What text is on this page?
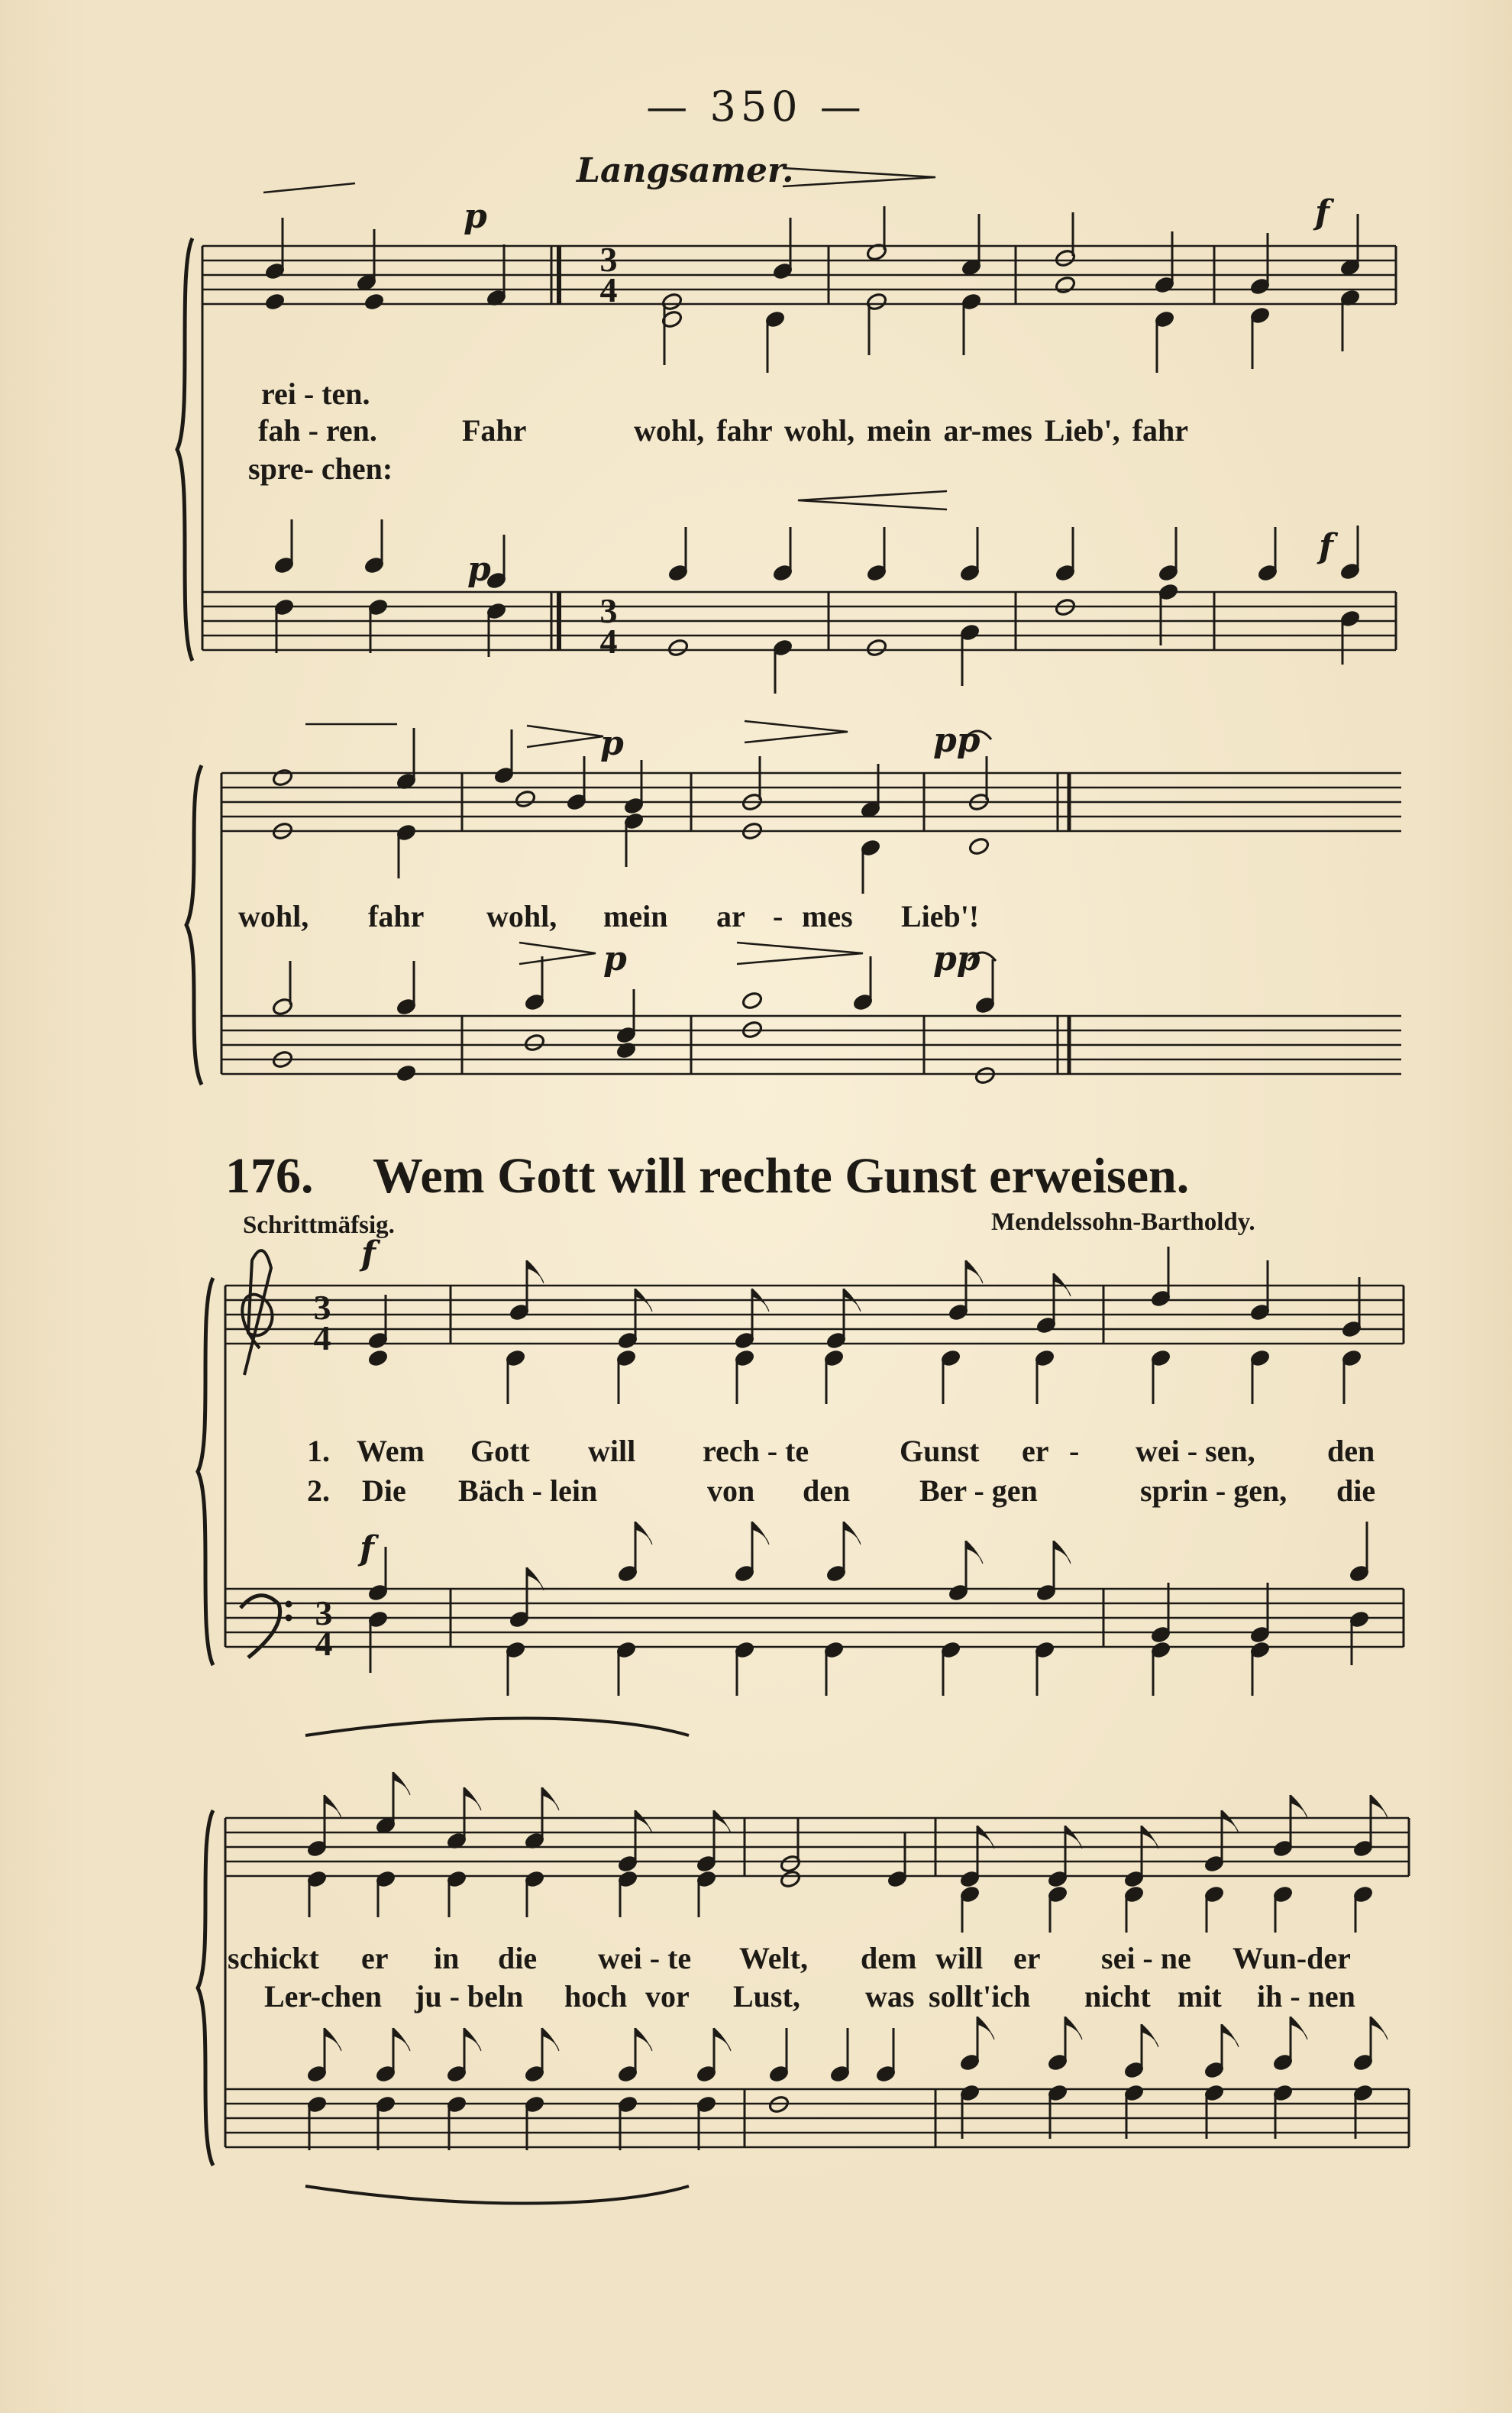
— 350 —
Langsamer.
p	f
3
4
rei - ten.
fah - ren.
spre- chen:
Fahr	wohl, fahr wohl, mein ar-mes Lieb', fahr
p
f
3
4
p	pp
wohl, fahr wohl, mein ar - mes Lieb'!
p	pp
176. Wem Gott will rechte Gunst erweisen.
Schrittmäfsig.	Mendelssohn-Bartholdy.
f
3
4
1. Wem Gott will rech - te	Gunst er - wei - sen, den
2. Die Bäch - lein	von den Ber - gen	sprin - gen, die
f
3
4
schickt er in die wei - te Welt, dem will er sei - ne Wun-der
Ler-chen ju - beln hoch vor Lust, was sollt'ich nicht mit ih - nen
